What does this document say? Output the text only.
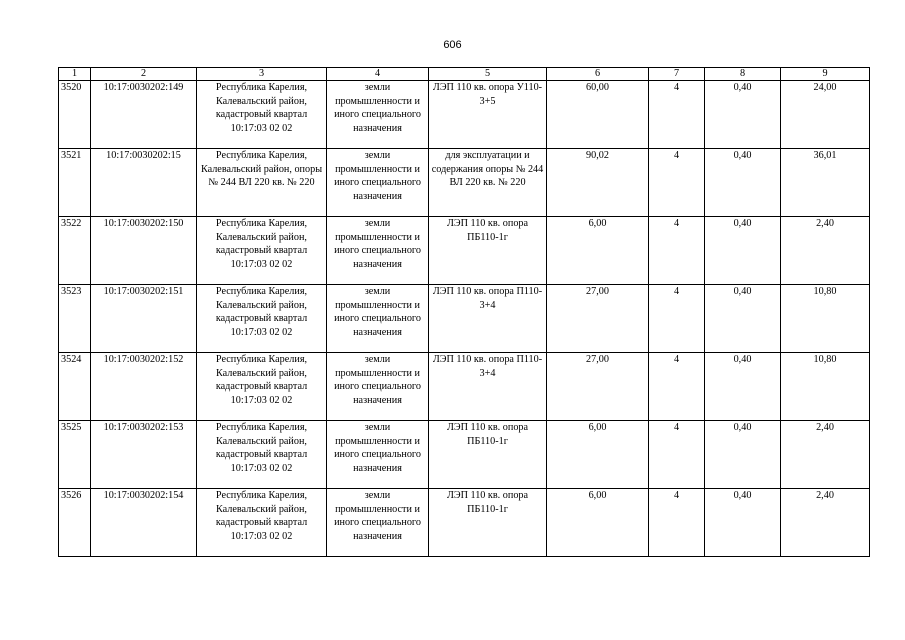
606
1	2	3	4	5	6	7	8	9
3520	10:17:0030202:149	Республика Карелия, Калевальский район, кадастровый квартал 10:17:03 02 02	земли промышленности и иного специального назначения	ЛЭП 110 кв. опора У110-3+5	60,00	4	0,40	24,00
3521	10:17:0030202:15	Республика Карелия, Калевальский район, опоры № 244 ВЛ 220 кв. № 220	земли промышленности и иного специального назначения	для эксплуатации и содержания опоры № 244 ВЛ 220 кв. № 220	90,02	4	0,40	36,01
3522	10:17:0030202:150	Республика Карелия, Калевальский район, кадастровый квартал 10:17:03 02 02	земли промышленности и иного специального назначения	ЛЭП 110 кв. опора ПБ110-1г	6,00	4	0,40	2,40
3523	10:17:0030202:151	Республика Карелия, Калевальский район, кадастровый квартал 10:17:03 02 02	земли промышленности и иного специального назначения	ЛЭП 110 кв. опора П110-3+4	27,00	4	0,40	10,80
3524	10:17:0030202:152	Республика Карелия, Калевальский район, кадастровый квартал 10:17:03 02 02	земли промышленности и иного специального назначения	ЛЭП 110 кв. опора П110-3+4	27,00	4	0,40	10,80
3525	10:17:0030202:153	Республика Карелия, Калевальский район, кадастровый квартал 10:17:03 02 02	земли промышленности и иного специального назначения	ЛЭП 110 кв. опора ПБ110-1г	6,00	4	0,40	2,40
3526	10:17:0030202:154	Республика Карелия, Калевальский район, кадастровый квартал 10:17:03 02 02	земли промышленности и иного специального назначения	ЛЭП 110 кв. опора ПБ110-1г	6,00	4	0,40	2,40
